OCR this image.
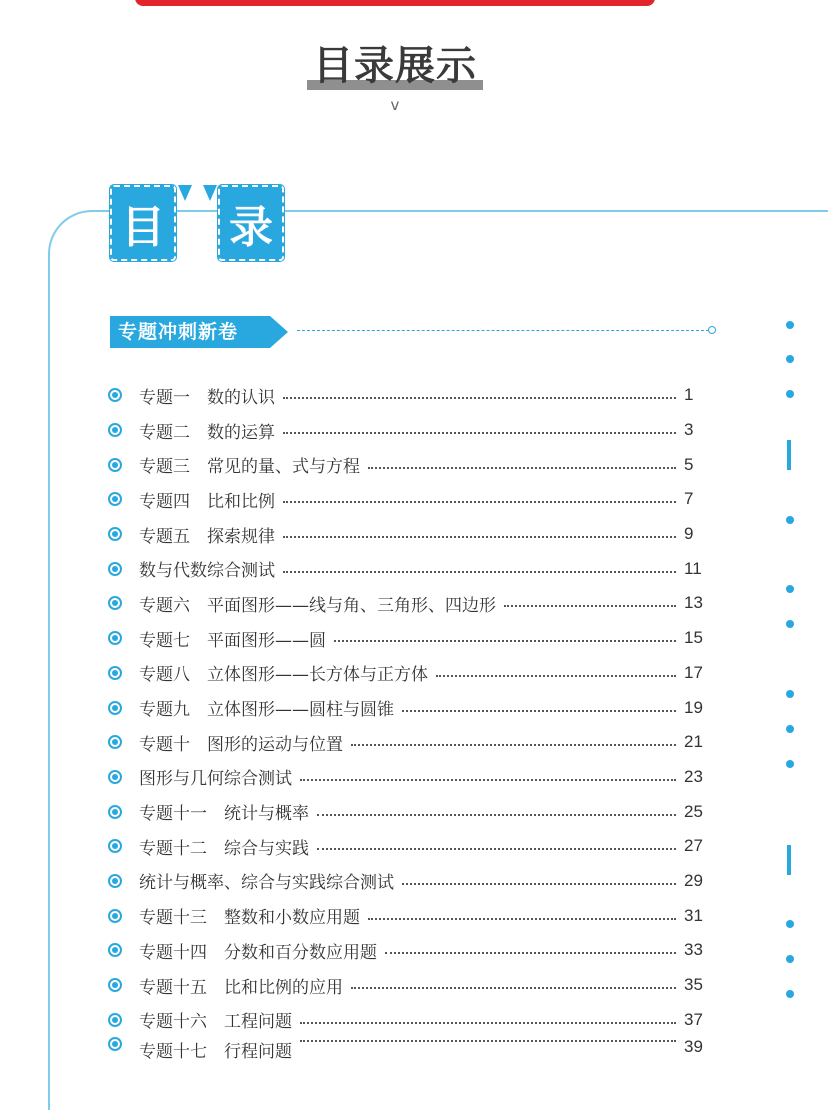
目录展示
v
目 录
专题冲刺新卷
专题一　数的认识	1
专题二　数的运算	3
专题三　常见的量、式与方程	5
专题四　比和比例	7
专题五　探索规律	9
数与代数综合测试	11
专题六　平面图形——线与角、三角形、四边形	13
专题七　平面图形——圆	15
专题八　立体图形——长方体与正方体	17
专题九　立体图形——圆柱与圆锥	19
专题十　图形的运动与位置	21
图形与几何综合测试	23
专题十一　统计与概率	25
专题十二　综合与实践	27
统计与概率、综合与实践综合测试	29
专题十三　整数和小数应用题	31
专题十四　分数和百分数应用题	33
专题十五　比和比例的应用	35
专题十六　工程问题	37
专题十七　行程问题	39
